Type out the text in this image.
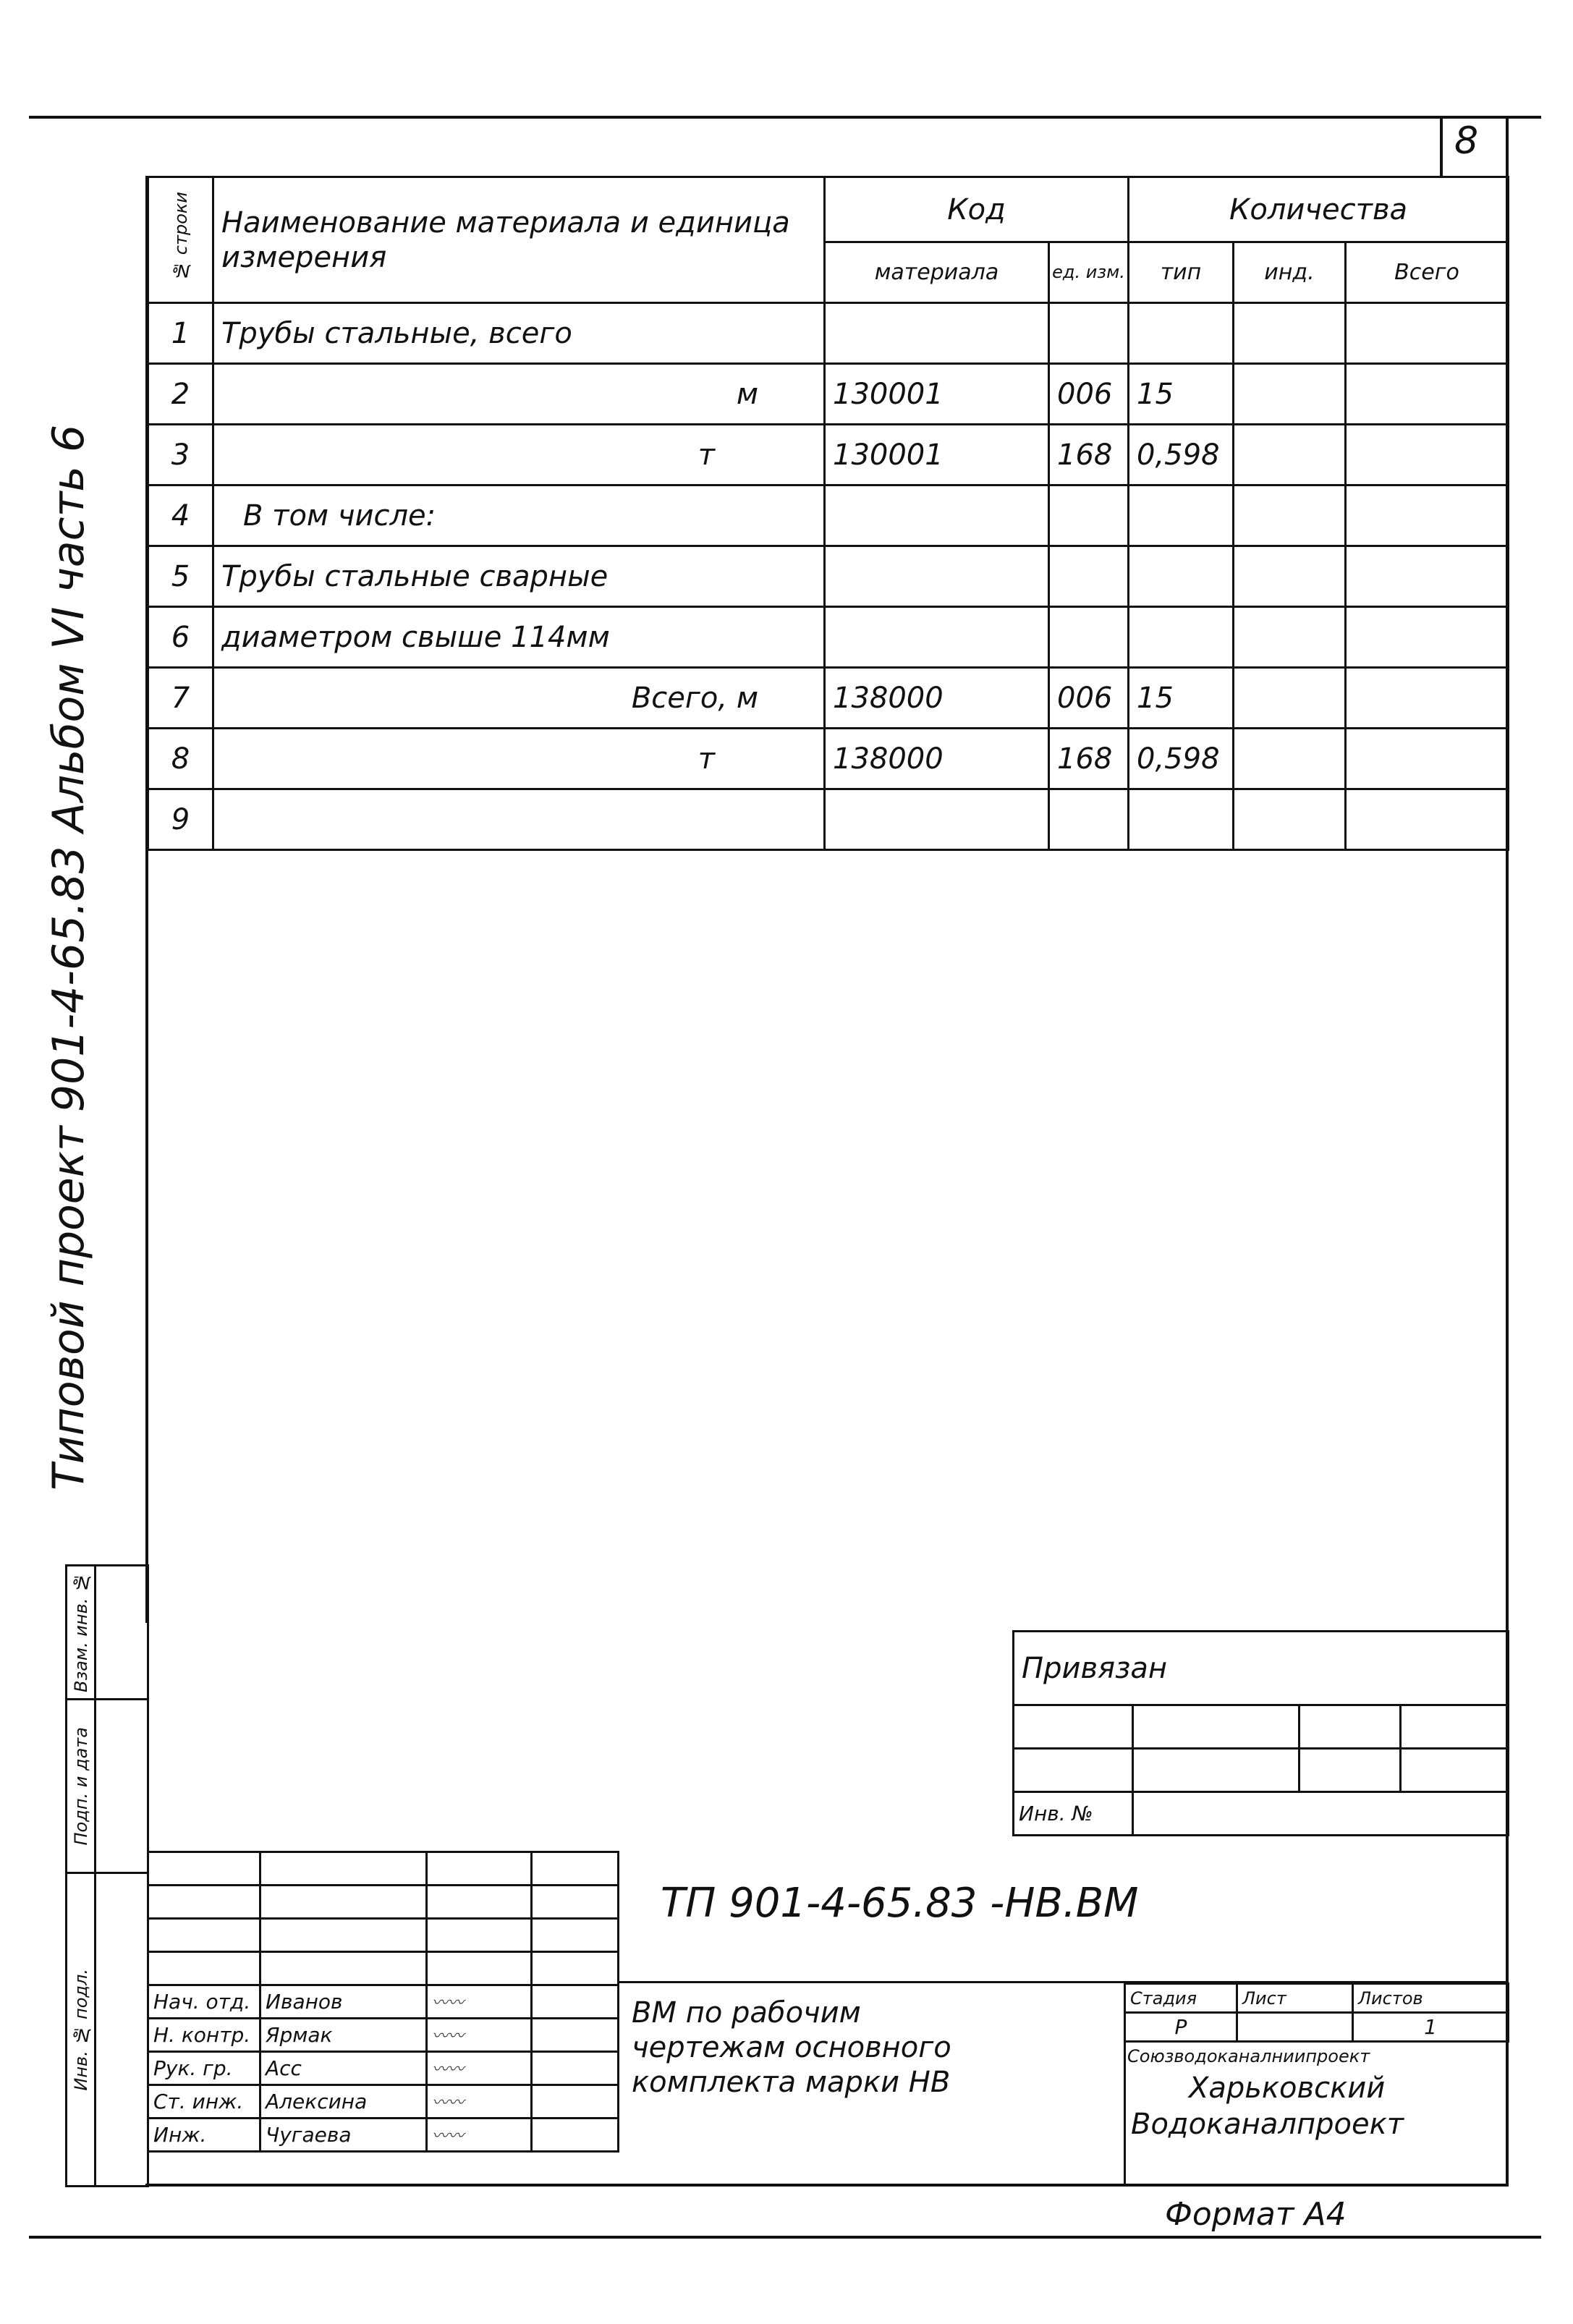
8
Типовой проект 901-4-65.83 Альбом VI часть 6
№ строки	Наименование материала и единица измерения	Код		Количества		
		материала	ед. изм.	тип	инд.	Всего
1	Трубы стальные, всего					
2	м	130001	006	15		
3	т	130001	168	0,598		
4	В том числе:					
5	Трубы стальные сварные					
6	диаметром свыше 114мм					
7	Всего, м	138000	006	15		
8	т	138000	168	0,598		
9						
Привязан			

Инв. №			

Нач. отд.	Иванов	〰〰	
Н. контр.	Ярмак	〰〰	
Рук. гр.	Асс	〰〰	
Ст. инж.	Алексина	〰〰	
Инж.	Чугаева	〰〰	
ТП 901-4-65.83 -НВ.ВМ
ВМ по рабочим чертежам основного комплекта марки НВ
Стадия	Лист	Листов
Р		1
Союзводоканалниипроект
Харьковский
Водоканалпроект
Взам. инв. №	

Подп. и дата	

Инв. № подл.	

Формат А4
